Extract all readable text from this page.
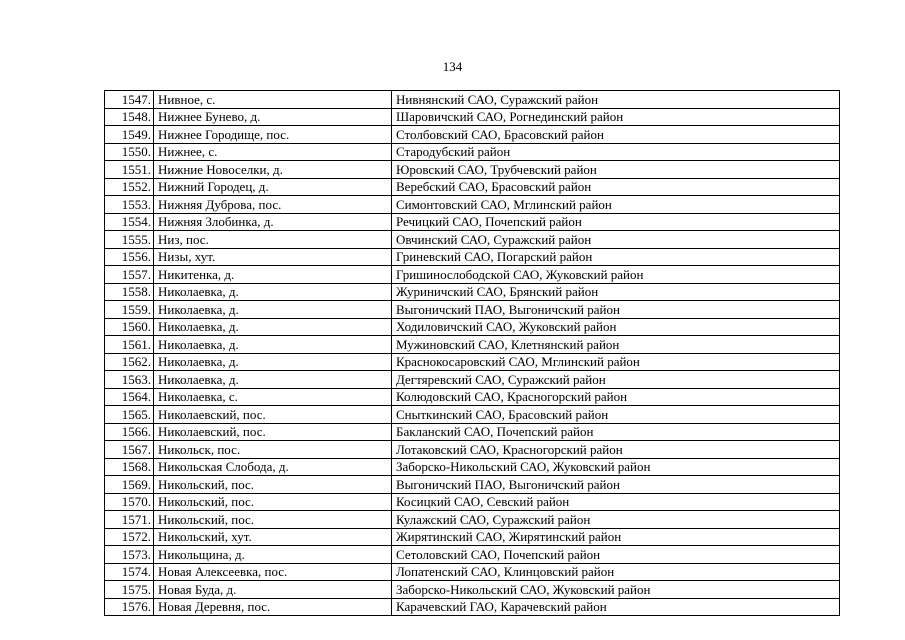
134
1547.	Нивное, с.	Нивнянский САО, Суражский район
1548.	Нижнее Бунево, д.	Шаровичский САО, Рогнединский район
1549.	Нижнее Городище, пос.	Столбовский САО, Брасовский район
1550.	Нижнее, с.	Стародубский район
1551.	Нижние Новоселки, д.	Юровский САО, Трубчевский район
1552.	Нижний Городец, д.	Веребский САО, Брасовский район
1553.	Нижняя Дуброва, пос.	Симонтовский САО, Мглинский район
1554.	Нижняя Злобинка, д.	Речицкий САО, Почепский район
1555.	Низ, пос.	Овчинский САО, Суражский район
1556.	Низы, хут.	Гриневский САО, Погарский район
1557.	Никитенка, д.	Гришинослободской САО, Жуковский район
1558.	Николаевка, д.	Журиничский САО, Брянский район
1559.	Николаевка, д.	Выгоничский ПАО, Выгоничский район
1560.	Николаевка, д.	Ходиловичский САО, Жуковский район
1561.	Николаевка, д.	Мужиновский САО, Клетнянский район
1562.	Николаевка, д.	Краснокосаровский САО, Мглинский район
1563.	Николаевка, д.	Дегтяревский САО, Суражский район
1564.	Николаевка, с.	Колюдовский САО, Красногорский район
1565.	Николаевский, пос.	Сныткинский САО, Брасовский район
1566.	Николаевский, пос.	Бакланский САО, Почепский район
1567.	Никольск, пос.	Лотаковский САО, Красногорский район
1568.	Никольская Слобода, д.	Заборско-Никольский САО, Жуковский район
1569.	Никольский, пос.	Выгоничский ПАО, Выгоничский район
1570.	Никольский, пос.	Косицкий САО, Севский район
1571.	Никольский, пос.	Кулажский САО, Суражский район
1572.	Никольский, хут.	Жирятинский САО, Жирятинский район
1573.	Никольщина, д.	Сетоловский САО, Почепский район
1574.	Новая Алексеевка, пос.	Лопатенский САО, Клинцовский район
1575.	Новая Буда, д.	Заборско-Никольский САО, Жуковский район
1576.	Новая Деревня, пос.	Карачевский ГАО, Карачевский район
